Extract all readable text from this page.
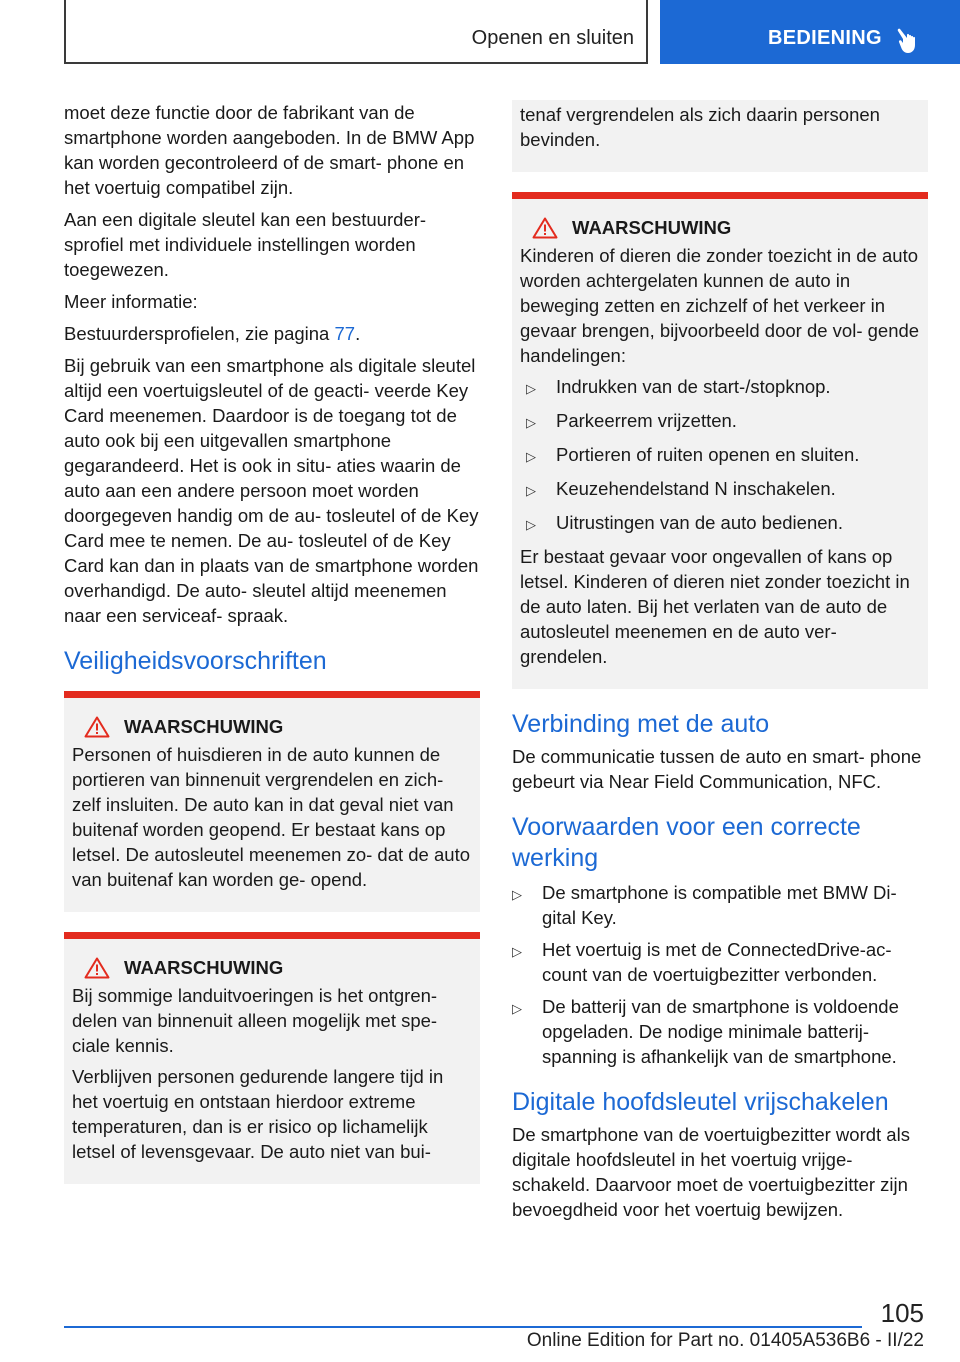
Openen en sluiten	BEDIENING

moet deze functie door de fabrikant van de smartphone worden aangeboden. In de BMW App kan worden gecontroleerd of de smart‐ phone en het voertuig compatibel zijn.

Aan een digitale sleutel kan een bestuurder‐ sprofiel met individuele instellingen worden toegewezen.

Meer informatie:

Bestuurdersprofielen, zie pagina 77.

Bij gebruik van een smartphone als digitale sleutel altijd een voertuigsleutel of de geacti‐ veerde Key Card meenemen. Daardoor is de toegang tot de auto ook bij een uitgevallen smartphone gegarandeerd. Het is ook in situ‐ aties waarin de auto aan een andere persoon moet worden doorgegeven handig om de au‐ tosleutel of de Key Card mee te nemen. De au‐ tosleutel of de Key Card kan dan in plaats van de smartphone worden overhandigd. De auto‐ sleutel altijd meenemen naar een serviceaf‐ spraak.

Veiligheidsvoorschriften
WAARSCHUWING

Personen of huisdieren in de auto kunnen de portieren van binnenuit vergrendelen en zich‐ zelf insluiten. De auto kan in dat geval niet van buitenaf worden geopend. Er bestaat kans op letsel. De autosleutel meenemen zo‐ dat de auto van buitenaf kan worden ge‐ opend.

WAARSCHUWING

Bij sommige landuitvoeringen is het ontgren‐ delen van binnenuit alleen mogelijk met spe‐ ciale kennis.

Verblijven personen gedurende langere tijd in het voertuig en ontstaan hierdoor extreme temperaturen, dan is er risico op lichamelijk letsel of levensgevaar. De auto niet van bui‐

tenaf vergrendelen als zich daarin personen bevinden.

WAARSCHUWING

Kinderen of dieren die zonder toezicht in de auto worden achtergelaten kunnen de auto in beweging zetten en zichzelf of het verkeer in gevaar brengen, bijvoorbeeld door de vol‐ gende handelingen:

▷	Indrukken van de start-/stopknop.
▷	Parkeerrem vrijzetten.
▷	Portieren of ruiten openen en sluiten.
▷	Keuzehendelstand N inschakelen.
▷	Uitrustingen van de auto bedienen.

Er bestaat gevaar voor ongevallen of kans op letsel. Kinderen of dieren niet zonder toezicht in de auto laten. Bij het verlaten van de auto de autosleutel meenemen en de auto ver‐ grendelen.

Verbinding met de auto

De communicatie tussen de auto en smart‐ phone gebeurt via Near Field Communication, NFC.

Voorwaarden voor een correcte werking
▷	De smartphone is compatible met BMW Di‐ gital Key.
▷	Het voertuig is met de ConnectedDrive-ac‐ count van de voertuigbezitter verbonden.
▷	De batterij van de smartphone is voldoende opgeladen. De nodige minimale batterij‐ spanning is afhankelijk van de smartphone.
Digitale hoofdsleutel vrijschakelen

De smartphone van de voertuigbezitter wordt als digitale hoofdsleutel in het voertuig vrijge‐ schakeld. Daarvoor moet de voertuigbezitter zijn bevoegdheid voor het voertuig bewijzen.

105
Online Edition for Part no. 01405A536B6 - II/22
